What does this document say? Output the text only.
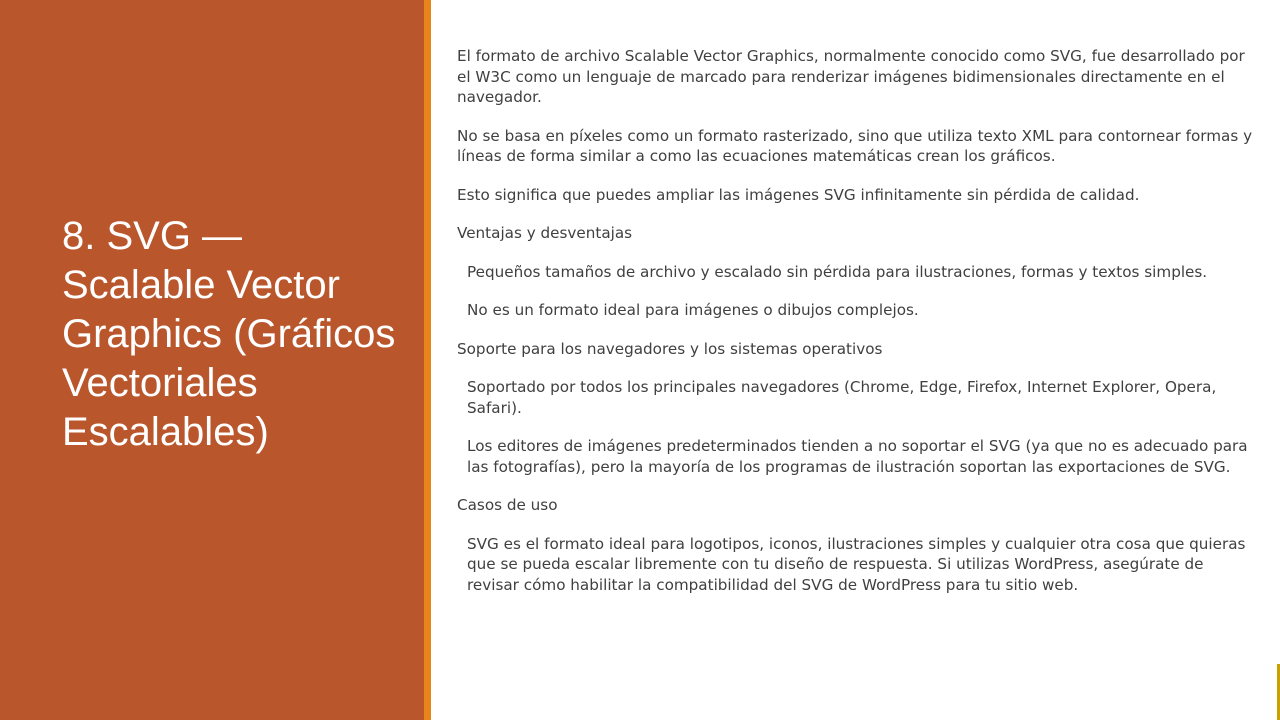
8. SVG — Scalable Vector Graphics (Gráficos Vectoriales Escalables)

El formato de archivo Scalable Vector Graphics, normalmente conocido como SVG, fue desarrollado por el W3C como un lenguaje de marcado para renderizar imágenes bidimensionales directamente en el navegador.

No se basa en píxeles como un formato rasterizado, sino que utiliza texto XML para contornear formas y líneas de forma similar a como las ecuaciones matemáticas crean los gráficos.

Esto significa que puedes ampliar las imágenes SVG infinitamente sin pérdida de calidad.

Ventajas y desventajas

Pequeños tamaños de archivo y escalado sin pérdida para ilustraciones, formas y textos simples.

No es un formato ideal para imágenes o dibujos complejos.

Soporte para los navegadores y los sistemas operativos

Soportado por todos los principales navegadores (Chrome, Edge, Firefox, Internet Explorer, Opera, Safari).

Los editores de imágenes predeterminados tienden a no soportar el SVG (ya que no es adecuado para las fotografías), pero la mayoría de los programas de ilustración soportan las exportaciones de SVG.

Casos de uso

SVG es el formato ideal para logotipos, iconos, ilustraciones simples y cualquier otra cosa que quieras que se pueda escalar libremente con tu diseño de respuesta. Si utilizas WordPress, asegúrate de revisar cómo habilitar la compatibilidad del SVG de WordPress para tu sitio web.
